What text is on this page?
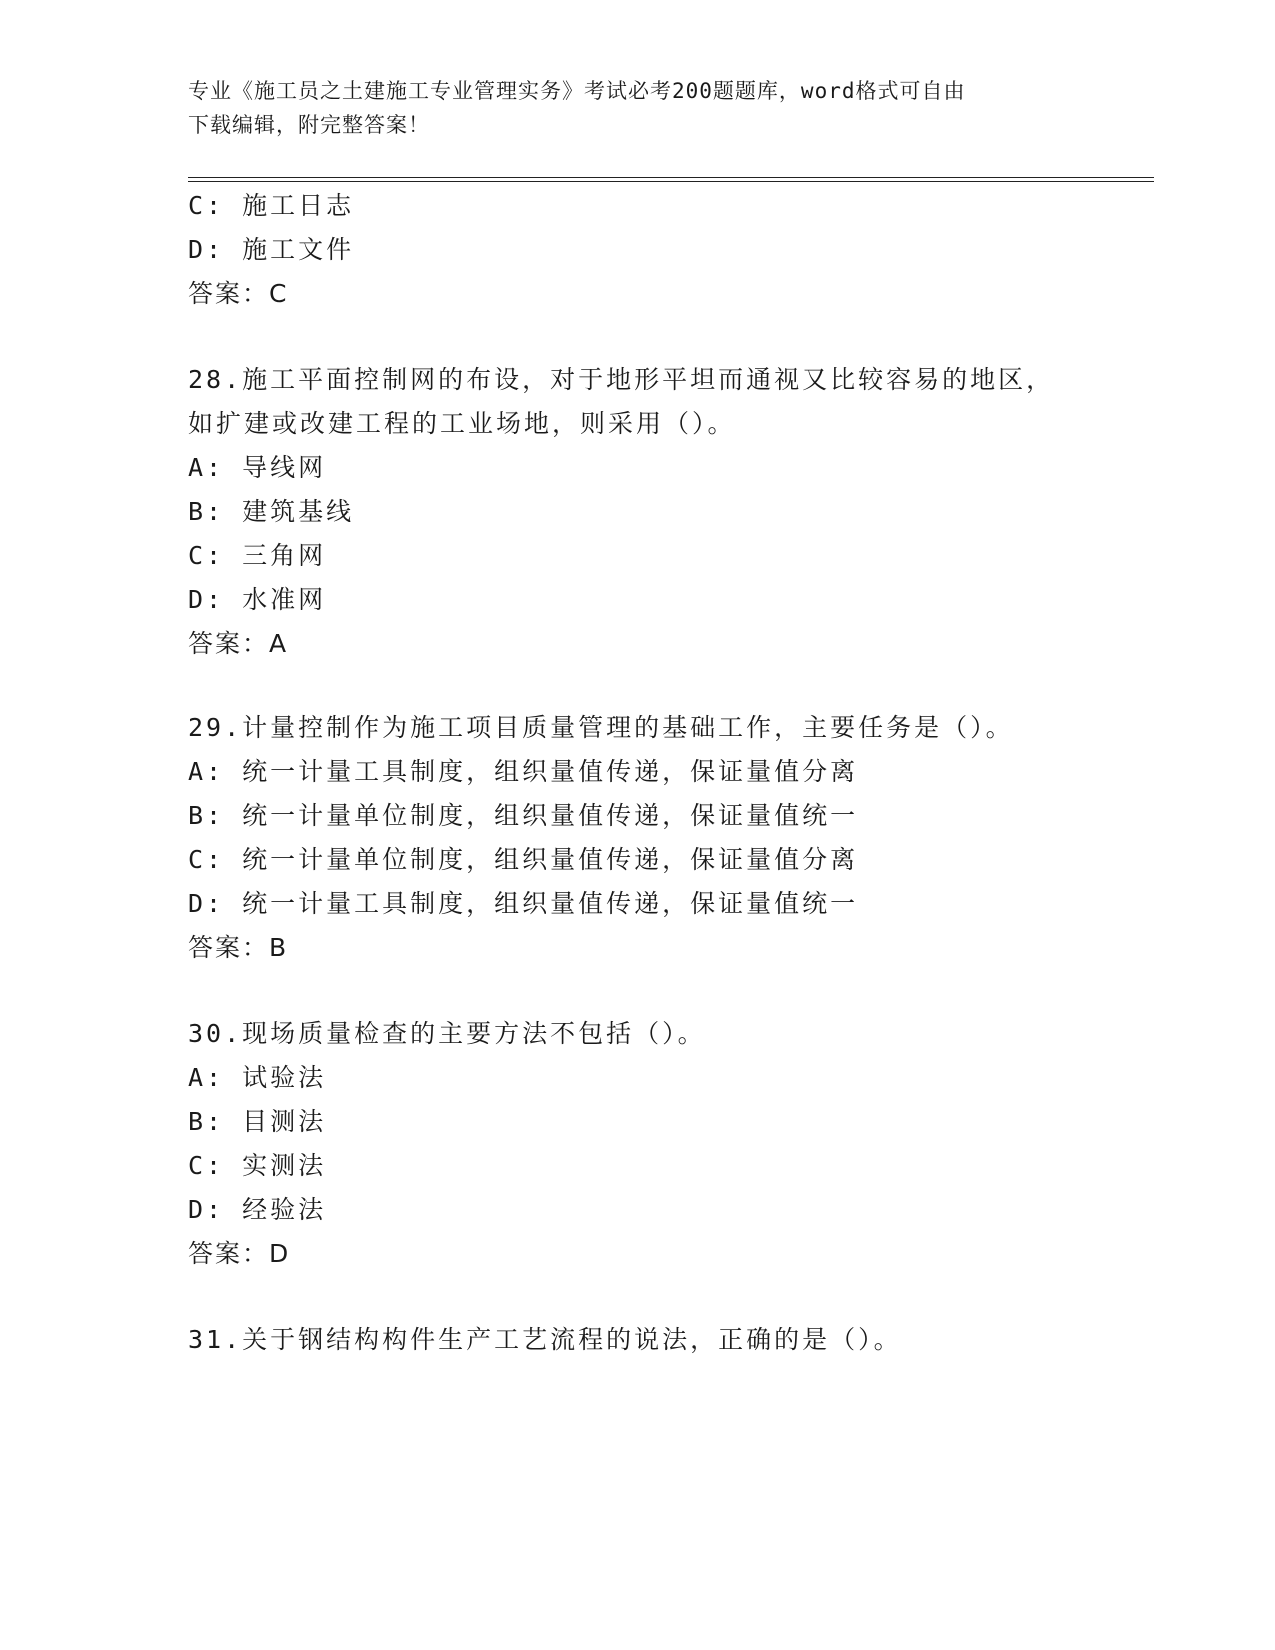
专业《施工员之土建施工专业管理实务》考试必考200题题库，word格式可自由
下载编辑，附完整答案！
C: 施工日志
D: 施工文件
答案：C
28.施工平面控制网的布设，对于地形平坦而通视又比较容易的地区，
如扩建或改建工程的工业场地，则采用（）。
A: 导线网
B: 建筑基线
C: 三角网
D: 水准网
答案：A
29.计量控制作为施工项目质量管理的基础工作，主要任务是（）。
A: 统一计量工具制度，组织量值传递，保证量值分离
B: 统一计量单位制度，组织量值传递，保证量值统一
C: 统一计量单位制度，组织量值传递，保证量值分离
D: 统一计量工具制度，组织量值传递，保证量值统一
答案：B
30.现场质量检查的主要方法不包括（）。
A: 试验法
B: 目测法
C: 实测法
D: 经验法
答案：D
31.关于钢结构构件生产工艺流程的说法，正确的是（）。
